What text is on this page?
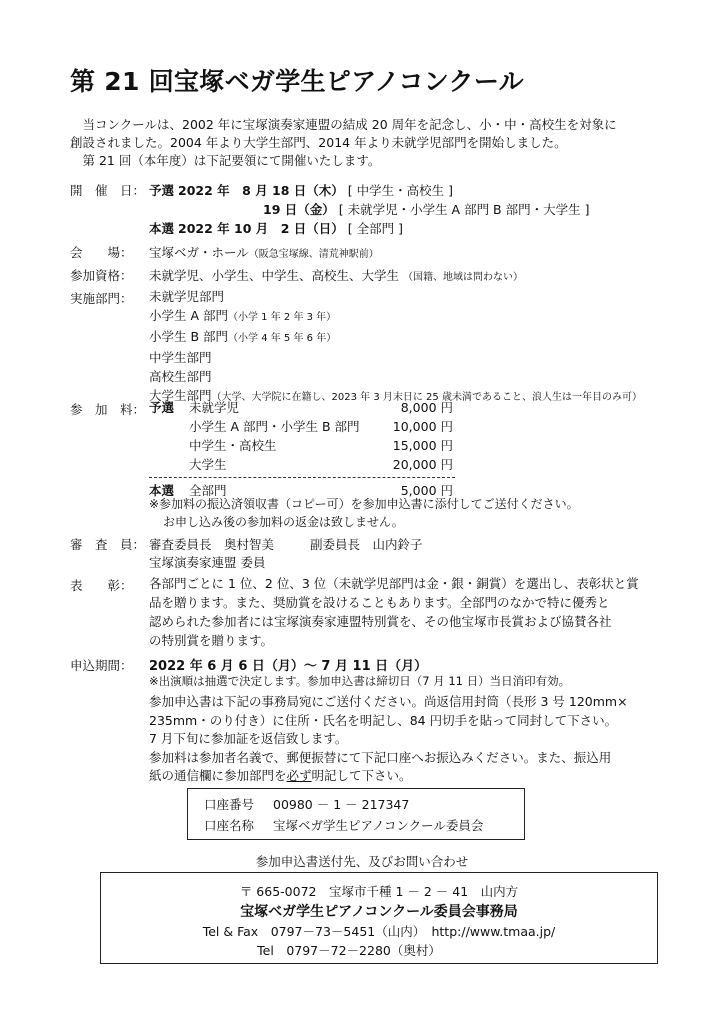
第 21 回宝塚ベガ学生ピアノコンクール

当コンクールは、2002 年に宝塚演奏家連盟の結成 20 周年を記念し、小・中・高校生を対象に

創設されました。2004 年より大学生部門、2014 年より未就学児部門を開始しました。

第 21 回（本年度）は下記要領にて開催いたします。

開　催　日： 予選 2022 年　8 月 18 日（木） [ 中学生・高校生 ]
19 日（金） [ 未就学児・小学生 A 部門 B 部門・大学生 ]
本選 2022 年 10 月　2 日（日） [ 全部門 ]
会　　場： 宝塚ベガ・ホール（阪急宝塚線、清荒神駅前）
参加資格： 未就学児、小学生、中学生、高校生、大学生 （国籍、地域は問わない）
実施部門： 未就学児部門
小学生 A 部門（小学 1 年 2 年 3 年）
小学生 B 部門（小学 4 年 5 年 6 年）
中学生部門
高校生部門
大学生部門（大学、大学院に在籍し、2023 年 3 月末日に 25 歳未満であること、浪人生は一年目のみ可）
参　加　料： 予選 未就学児	8,000 円
小学生 A 部門・小学生 B 部門	10,000 円
中学生・高校生	15,000 円
大学生	20,000 円
本選 全部門	5,000 円
※参加料の振込済領収書（コピー可）を参加申込書に添付してご送付ください。
お申し込み後の参加料の返金は致しません。
審　査　員： 審査委員長　奥村智美	副委員長　山内鈴子
宝塚演奏家連盟 委員
表　　彰： 各部門ごとに 1 位、2 位、3 位（未就学児部門は金・銀・銅賞）を選出し、表彰状と賞
品を贈ります。また、奨励賞を設けることもあります。全部門のなかで特に優秀と
認められた参加者には宝塚演奏家連盟特別賞を、その他宝塚市長賞および協賛各社
の特別賞を贈ります。
申込期間： 2022 年 6 月 6 日（月）～ 7 月 11 日（月）
※出演順は抽選で決定します。参加申込書は締切日（7 月 11 日）当日消印有効。
参加申込書は下記の事務局宛にご送付ください。尚返信用封筒（長形 3 号 120mm×
235mm・のり付き）に住所・氏名を明記し、84 円切手を貼って同封して下さい。
7 月下旬に参加証を返信致します。
参加料は参加者名義で、郵便振替にて下記口座へお振込みください。また、振込用
紙の通信欄に参加部門を必ず明記して下さい。
口座番号 00980 － 1 － 217347
口座名称 宝塚ベガ学生ピアノコンクール委員会
参加申込書送付先、及びお問い合わせ
〒 665-0072　宝塚市千種 1 － 2 － 41　山内方
宝塚ベガ学生ピアノコンクール委員会事務局
Tel & Fax　0797－73－5451（山内）　http://www.tmaa.jp/
Tel　0797－72－2280（奥村）
